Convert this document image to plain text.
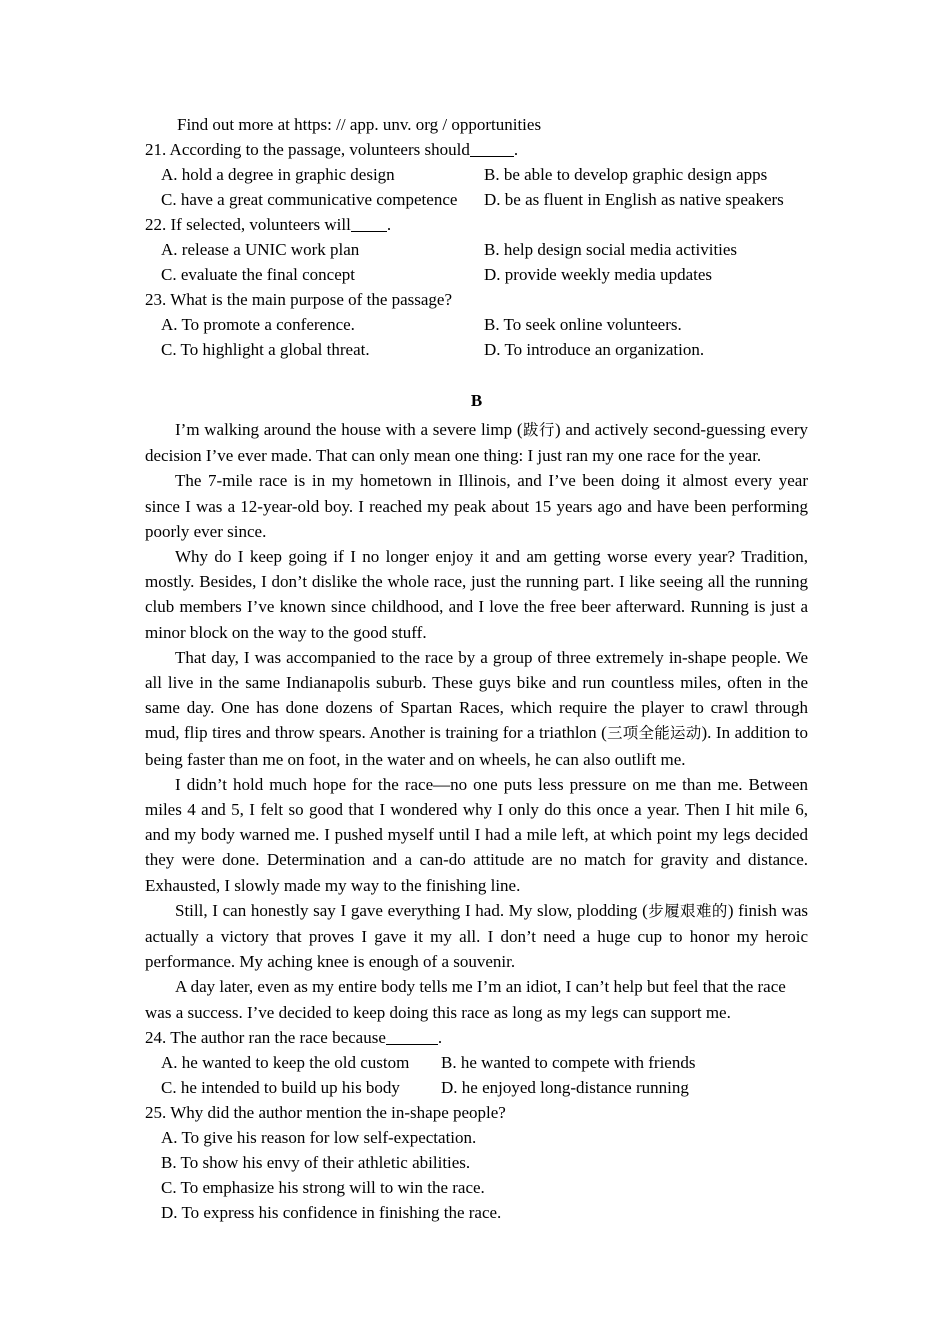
Find out more at https: // app. unv. org / opportunities
21. According to the passage, volunteers should	.
A. hold a degree in graphic design	B. be able to develop graphic design apps
C. have a great communicative competence	D. be as fluent in English as native speakers
22. If selected, volunteers will .
A. release a UNIC work plan	B. help design social media activities
C. evaluate the final concept	D. provide weekly media updates
23. What is the main purpose of the passage?
A. To promote a conference.	B. To seek online volunteers.
C. To highlight a global threat.	D. To introduce an organization.
B

I’m walking around the house with a severe limp (跋行) and actively second-guessing every decision I’ve ever made. That can only mean one thing: I just ran my one race for the year.

The 7-mile race is in my hometown in Illinois, and I’ve been doing it almost every year since I was a 12-year-old boy. I reached my peak about 15 years ago and have been performing poorly ever since.

Why do I keep going if I no longer enjoy it and am getting worse every year? Tradition, mostly. Besides, I don’t dislike the whole race, just the running part. I like seeing all the running club members I’ve known since childhood, and I love the free beer afterward. Running is just a minor block on the way to the good stuff.

That day, I was accompanied to the race by a group of three extremely in-shape people. We all live in the same Indianapolis suburb. These guys bike and run countless miles, often in the same day. One has done dozens of Spartan Races, which require the player to crawl through mud, flip tires and throw spears. Another is training for a triathlon (三项全能运动). In addition to being faster than me on foot, in the water and on wheels, he can also outlift me.

I didn’t hold much hope for the race—no one puts less pressure on me than me. Between miles 4 and 5, I felt so good that I wondered why I only do this once a year. Then I hit mile 6, and my body warned me. I pushed myself until I had a mile left, at which point my legs decided they were done. Determination and a can-do attitude are no match for gravity and distance. Exhausted, I slowly made my way to the finishing line.

Still, I can honestly say I gave everything I had. My slow, plodding (步履艰难的) finish was actually a victory that proves I gave it my all. I don’t need a huge cup to honor my heroic performance. My aching knee is enough of a souvenir.

A day later, even as my entire body tells me I’m an idiot, I can’t help but feel that the race was a success. I’ve decided to keep doing this race as long as my legs can support me.

24. The author ran the race because	.
A. he wanted to keep the old custom	B. he wanted to compete with friends
C. he intended to build up his body	D. he enjoyed long-distance running
25. Why did the author mention the in-shape people?
A. To give his reason for low self-expectation.
B. To show his envy of their athletic abilities.
C. To emphasize his strong will to win the race.
D. To express his confidence in finishing the race.
